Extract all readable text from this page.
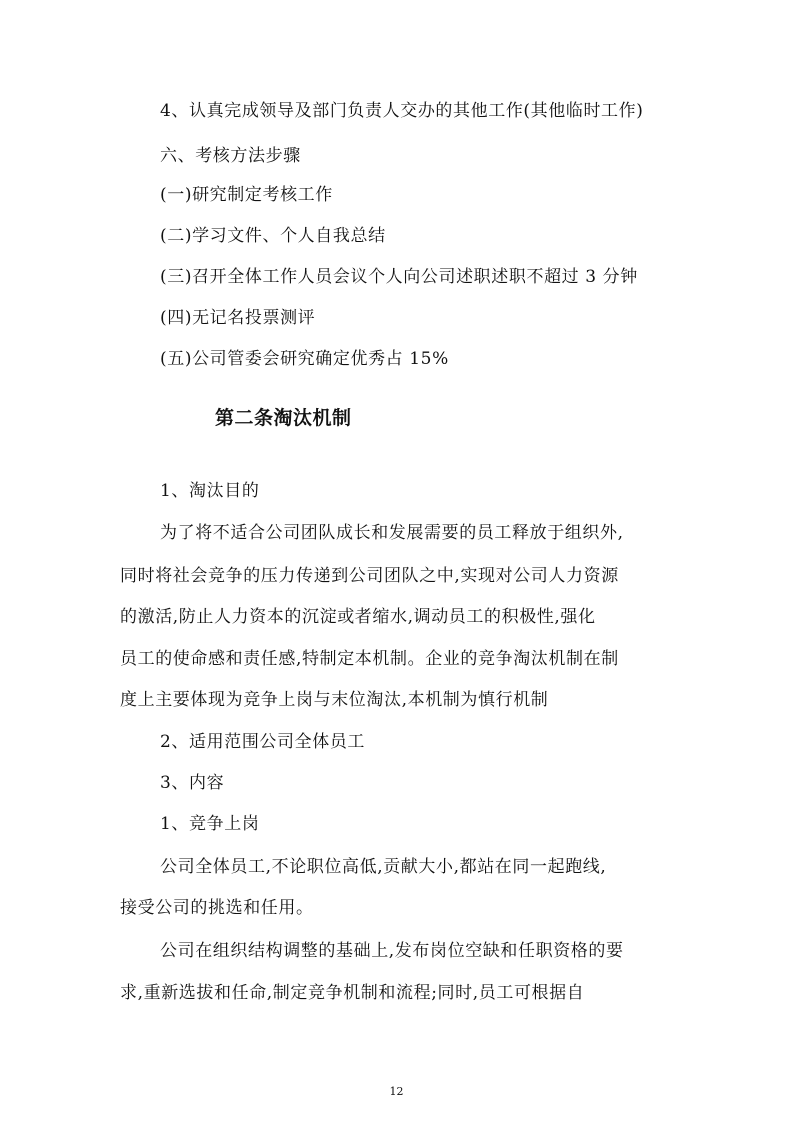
4、认真完成领导及部门负责人交办的其他工作(其他临时工作)
六、考核方法步骤
(一)研究制定考核工作
(二)学习文件、个人自我总结
(三)召开全体工作人员会议个人向公司述职述职不超过 3 分钟
(四)无记名投票测评
(五)公司管委会研究确定优秀占 15%
第二条淘汰机制
1、淘汰目的
为了将不适合公司团队成长和发展需要的员工释放于组织外,
同时将社会竞争的压力传递到公司团队之中,实现对公司人力资源
的激活,防止人力资本的沉淀或者缩水,调动员工的积极性,强化
员工的使命感和责任感,特制定本机制。企业的竞争淘汰机制在制
度上主要体现为竞争上岗与末位淘汰,本机制为慎行机制
2、适用范围公司全体员工
3、内容
1、竞争上岗
公司全体员工,不论职位高低,贡献大小,都站在同一起跑线,
接受公司的挑选和任用。
公司在组织结构调整的基础上,发布岗位空缺和任职资格的要
求,重新选拔和任命,制定竞争机制和流程;同时,员工可根据自
12
